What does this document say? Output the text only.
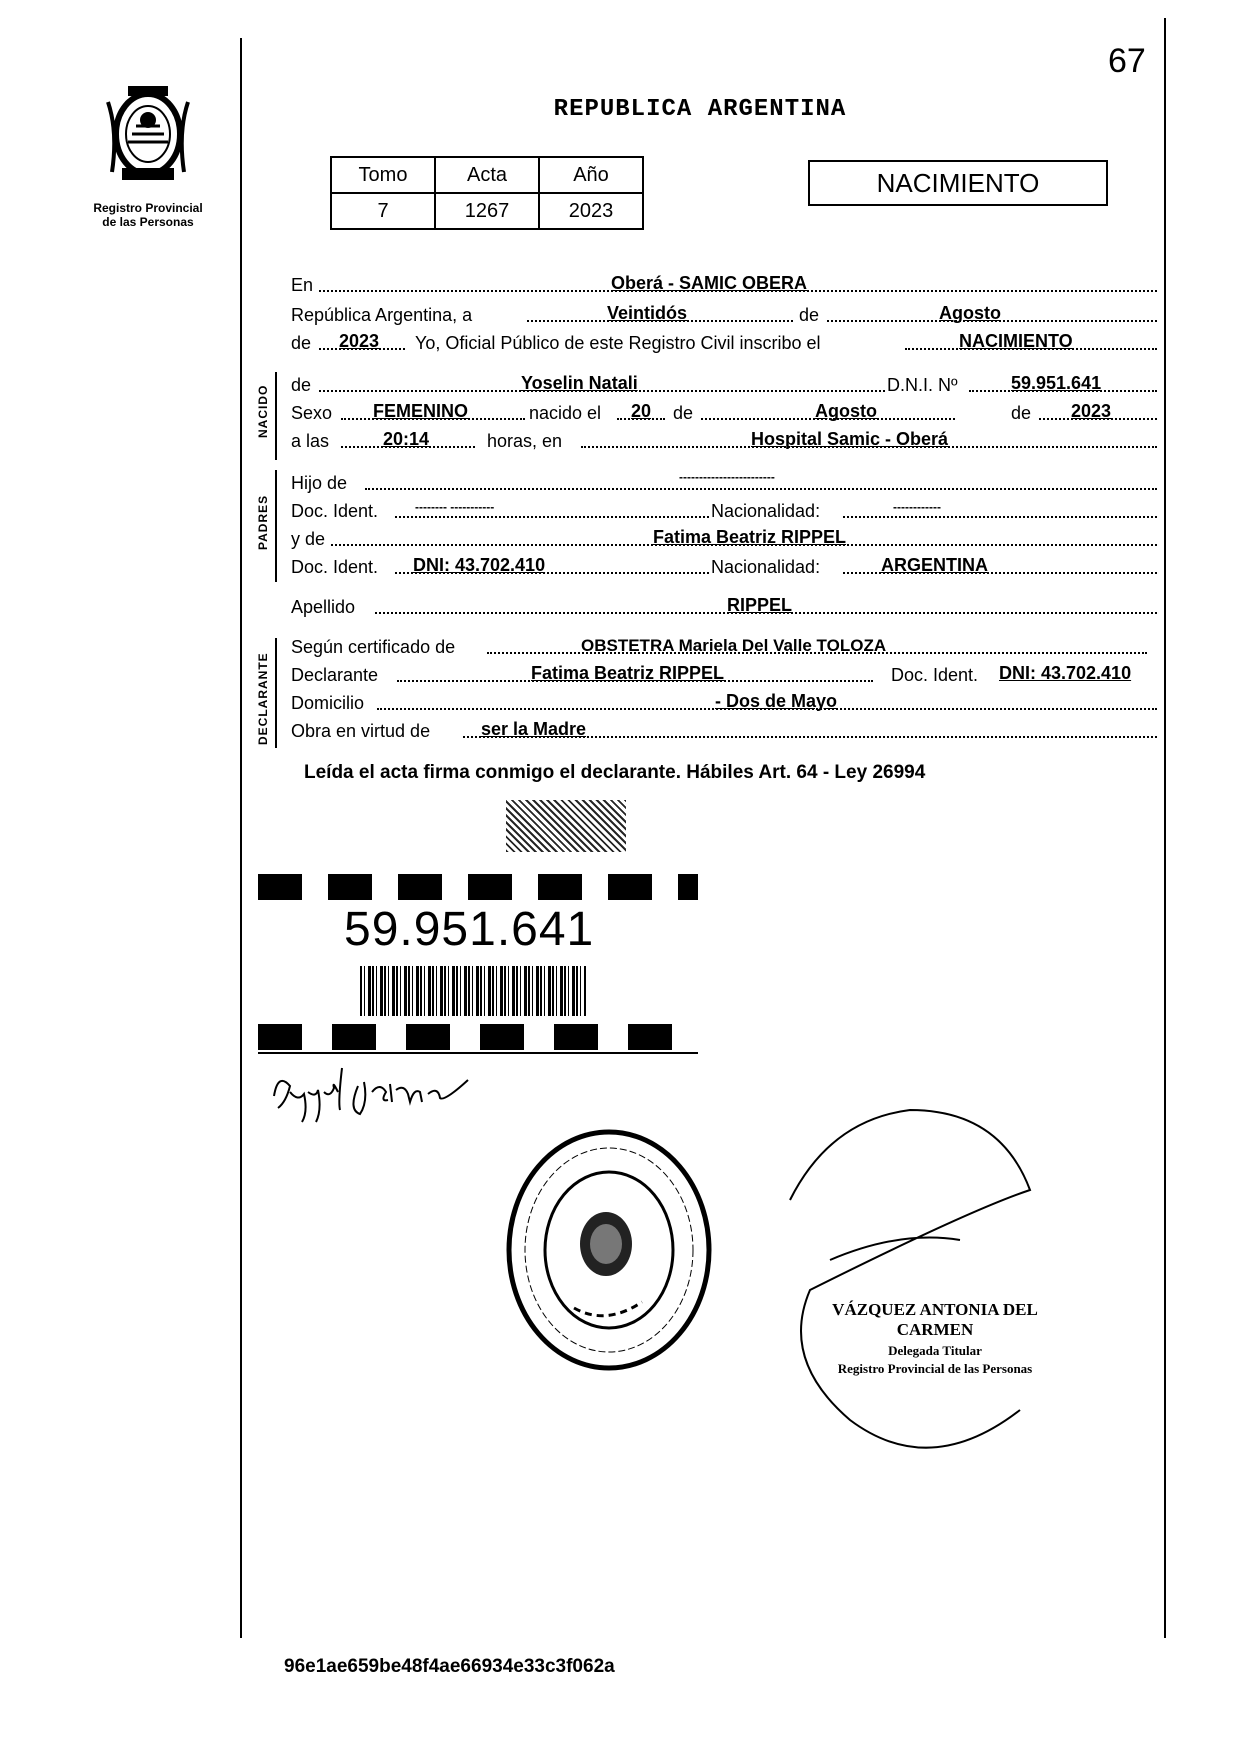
67
Registro Provincial
de las Personas
REPUBLICA ARGENTINA
Tomo	Acta	Año
7	1267	2023
NACIMIENTO
NACIDO
PADRES
DECLARANTE
En	Oberá - SAMIC OBERA
República Argentina, a	Veintidós	de	Agosto
de 2023 Yo, Oficial Público de este Registro Civil inscribo el	NACIMIENTO
de	Yoselin Natali	D.N.I. Nº	59.951.641
Sexo FEMENINO	nacido el 20 de	Agosto	de 2023
a las	20:14	horas, en	Hospital Samic - Oberá
Hijo de	------------------------
Doc. Ident.	-------- -----------	Nacionalidad:	------------
y de	Fatima Beatriz RIPPEL
Doc. Ident. DNI: 43.702.410	Nacionalidad:	ARGENTINA
Apellido	RIPPEL
Según certificado de	OBSTETRA Mariela Del Valle TOLOZA
Declarante	Fatima Beatriz RIPPEL	Doc. Ident. DNI: 43.702.410
Domicilio	- Dos de Mayo
Obra en virtud de	ser la Madre
Leída el acta firma conmigo el declarante. Hábiles Art. 64 - Ley 26994
59.951.641
VÁZQUEZ ANTONIA DEL CARMEN
Delegada Titular
Registro Provincial de las Personas
96e1ae659be48f4ae66934e33c3f062a
